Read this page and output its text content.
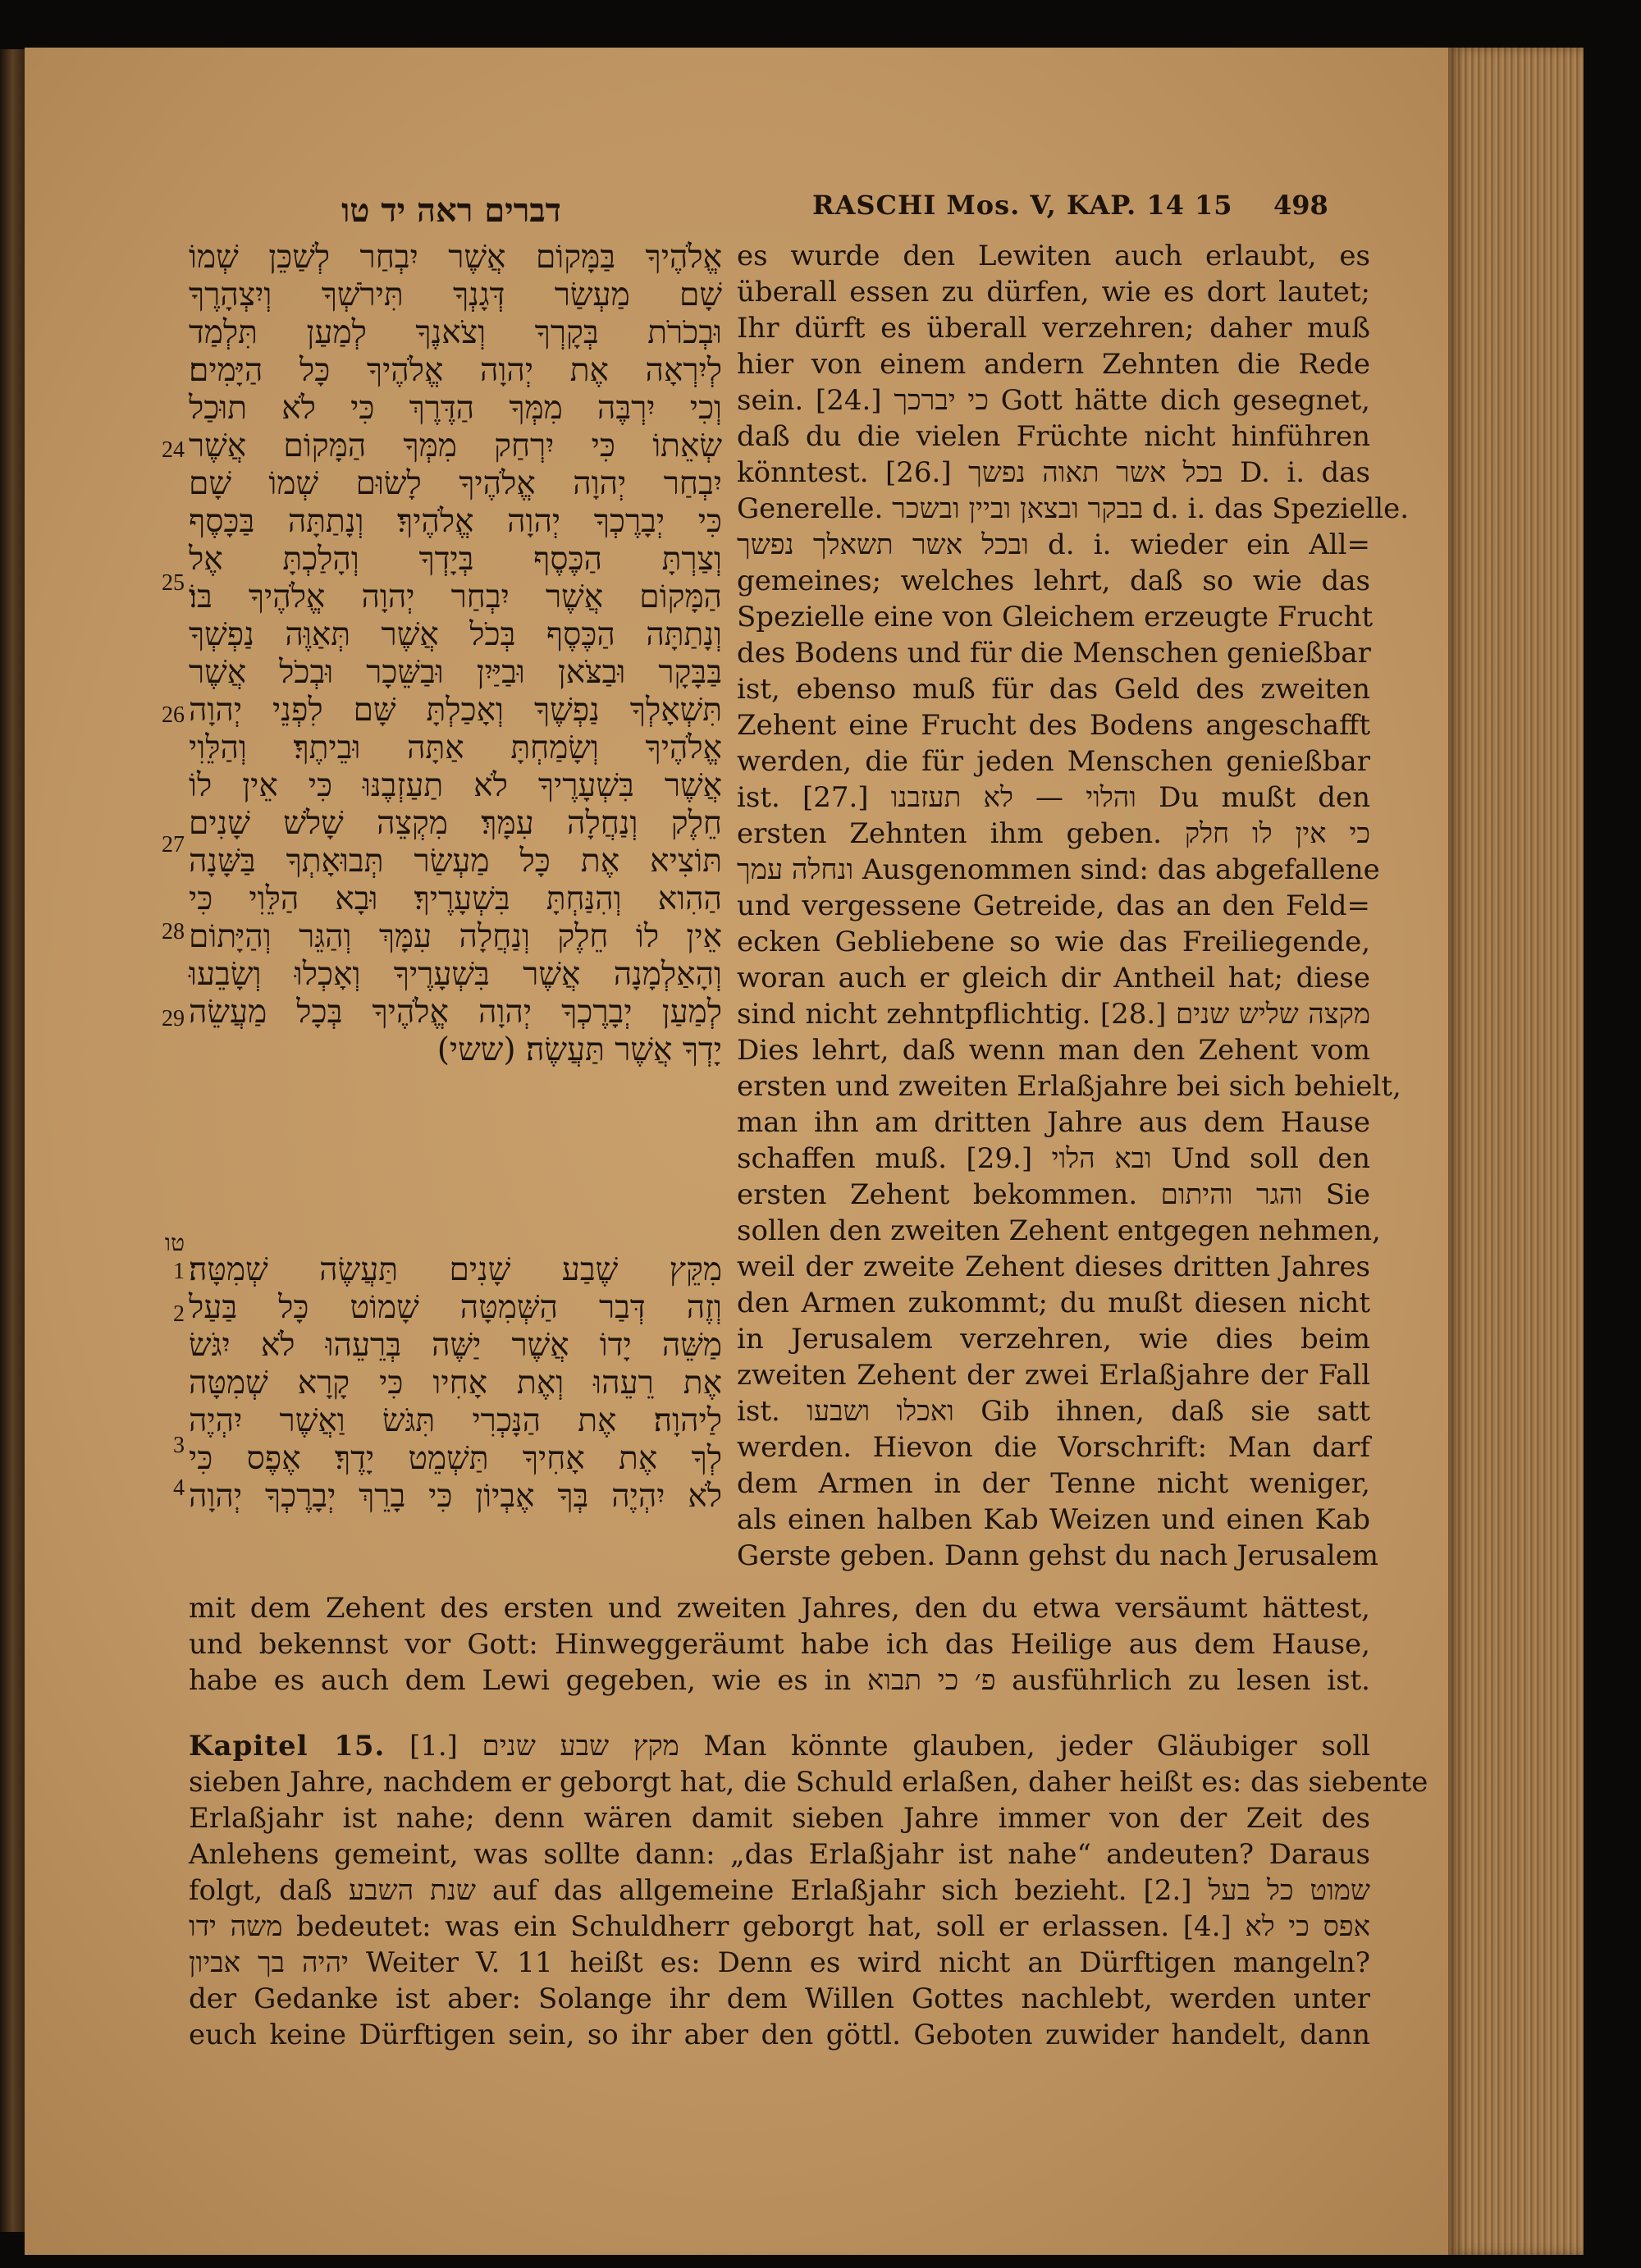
דברים ראה יד טו	RASCHI Mos. V, KAP. 14 15 498
אֱלֹהֶיךָ בַּמָּקוֹם אֲשֶׁר יִבְחַר לְשַׁכֵּן שְׁמוֹ
שָׁם מַעְשַׂר דְּגָנְךָ תִּירֹשְׁךָ וְיִצְהָרֶךָ
וּבְכֹרֹת בְּקָרְךָ וְצֹאנֶךָ לְמַעַן תִּלְמַד
לְיִרְאָה אֶת יְהוָה אֱלֹהֶיךָ כָּל הַיָּמִים׃
וְכִי יִרְבֶּה מִמְּךָ הַדֶּרֶךְ כִּי לֹא תוּכַל
שְׂאֵתוֹ כִּי יִרְחַק מִמְּךָ הַמָּקוֹם אֲשֶׁר
יִבְחַר יְהוָה אֱלֹהֶיךָ לָשׂוּם שְׁמוֹ שָׁם
כִּי יְבָרֶכְךָ יְהוָה אֱלֹהֶיךָ׃ וְנָתַתָּה בַּכָּסֶף
וְצַרְתָּ הַכֶּסֶף בְּיָדְךָ וְהָלַכְתָּ אֶל
הַמָּקוֹם אֲשֶׁר יִבְחַר יְהוָה אֱלֹהֶיךָ בּוֹ׃
וְנָתַתָּה הַכֶּסֶף בְּכֹל אֲשֶׁר תְּאַוֶּה נַפְשְׁךָ
בַּבָּקָר וּבַצֹּאן וּבַיַּיִן וּבַשֵּׁכָר וּבְכֹל אֲשֶׁר
תִּשְׁאָלְךָ נַפְשֶׁךָ וְאָכַלְתָּ שָּׁם לִפְנֵי יְהוָה
אֱלֹהֶיךָ וְשָׂמַחְתָּ אַתָּה וּבֵיתֶךָ׃ וְהַלֵּוִי
אֲשֶׁר בִּשְׁעָרֶיךָ לֹא תַעַזְבֶנּוּ כִּי אֵין לוֹ
חֵלֶק וְנַחֲלָה עִמָּךְ׃ מִקְצֵה שָׁלֹשׁ שָׁנִים
תּוֹצִיא אֶת כָּל מַעְשַׂר תְּבוּאָתְךָ בַּשָּׁנָה
הַהִוא וְהִנַּחְתָּ בִּשְׁעָרֶיךָ׃ וּבָא הַלֵּוִי כִּי
אֵין לוֹ חֵלֶק וְנַחֲלָה עִמָּךְ וְהַגֵּר וְהַיָּתוֹם
וְהָאַלְמָנָה אֲשֶׁר בִּשְׁעָרֶיךָ וְאָכְלוּ וְשָׂבֵעוּ
לְמַעַן יְבָרֶכְךָ יְהוָה אֱלֹהֶיךָ בְּכָל מַעֲשֵׂה
יָדְךָ אֲשֶׁר תַּעֲשֶׂה׃ (ששי)
מִקֵּץ שֶׁבַע שָׁנִים תַּעֲשֶׂה שְׁמִטָּה׃
וְזֶה דְּבַר הַשְּׁמִטָּה שָׁמוֹט כָּל בַּעַל
מַשֵּׁה יָדוֹ אֲשֶׁר יַשֶּׁה בְּרֵעֵהוּ לֹא יִגֹּשׂ
אֶת רֵעֵהוּ וְאֶת אָחִיו כִּי קָרָא שְׁמִטָּה
לַיהוָה׃ אֶת הַנָּכְרִי תִּגֹּשׂ וַאֲשֶׁר יִהְיֶה
לְךָ אֶת אָחִיךָ תַּשְׁמֵט יָדֶךָ׃ אֶפֶס כִּי
לֹא יִהְיֶה בְּךָ אֶבְיוֹן כִּי בָרֵךְ יְבָרֶכְךָ יְהוָה
es wurde den Lewiten auch erlaubt, es
überall essen zu dürfen, wie es dort lautet;
Ihr dürft es überall verzehren; daher muß
hier von einem andern Zehnten die Rede
sein. [24.] כי יברכך Gott hätte dich gesegnet,
daß du die vielen Früchte nicht hinführen
könntest. [26.] בכל אשר תאוה נפשך D. i. das
Generelle. בבקר ובצאן וביין ובשכר d. i. das Spezielle.
ובכל אשר תשאלך נפשך d. i. wieder ein All=
gemeines; welches lehrt, daß so wie das
Spezielle eine von Gleichem erzeugte Frucht
des Bodens und für die Menschen genießbar
ist, ebenso muß für das Geld des zweiten
Zehent eine Frucht des Bodens angeschafft
werden, die für jeden Menschen genießbar
ist. [27.] והלוי — לא תעזבנו Du mußt den
ersten Zehnten ihm geben. כי אין לו חלק
ונחלה עמך Ausgenommen sind: das abgefallene
und vergessene Getreide, das an den Feld=
ecken Gebliebene so wie das Freiliegende,
woran auch er gleich dir Antheil hat; diese
sind nicht zehntpflichtig. [28.] מקצה שליש שנים
Dies lehrt, daß wenn man den Zehent vom
ersten und zweiten Erlaßjahre bei sich behielt,
man ihn am dritten Jahre aus dem Hause
schaffen muß. [29.] ובא הלוי Und soll den
ersten Zehent bekommen. והגר והיתום Sie
sollen den zweiten Zehent entgegen nehmen,
weil der zweite Zehent dieses dritten Jahres
den Armen zukommt; du mußt diesen nicht
in Jerusalem verzehren, wie dies beim
zweiten Zehent der zwei Erlaßjahre der Fall
ist. ואכלו ושבעו Gib ihnen, daß sie satt
werden. Hievon die Vorschrift: Man darf
dem Armen in der Tenne nicht weniger,
als einen halben Kab Weizen und einen Kab
Gerste geben. Dann gehst du nach Jerusalem
mit dem Zehent des ersten und zweiten Jahres, den du etwa versäumt hättest,
und bekennst vor Gott: Hinweggeräumt habe ich das Heilige aus dem Hause,
habe es auch dem Lewi gegeben, wie es in פ׳ כי תבוא ausführlich zu lesen ist.
Kapitel 15. [1.] מקץ שבע שנים Man könnte glauben, jeder Gläubiger soll
sieben Jahre, nachdem er geborgt hat, die Schuld erlaßen, daher heißt es: das siebente
Erlaßjahr ist nahe; denn wären damit sieben Jahre immer von der Zeit des
Anlehens gemeint, was sollte dann: „das Erlaßjahr ist nahe“ andeuten? Daraus
folgt, daß שנת השבע auf das allgemeine Erlaßjahr sich bezieht. [2.] שמוט כל בעל
משה ידו bedeutet: was ein Schuldherr geborgt hat, soll er erlassen. [4.] אפס כי לא
יהיה בך אביון Weiter V. 11 heißt es: Denn es wird nicht an Dürftigen mangeln?
der Gedanke ist aber: Solange ihr dem Willen Gottes nachlebt, werden unter
euch keine Dürftigen sein, so ihr aber den göttl. Geboten zuwider handelt, dann
24
25
26
27
28
29
טו
1
2
3
4
